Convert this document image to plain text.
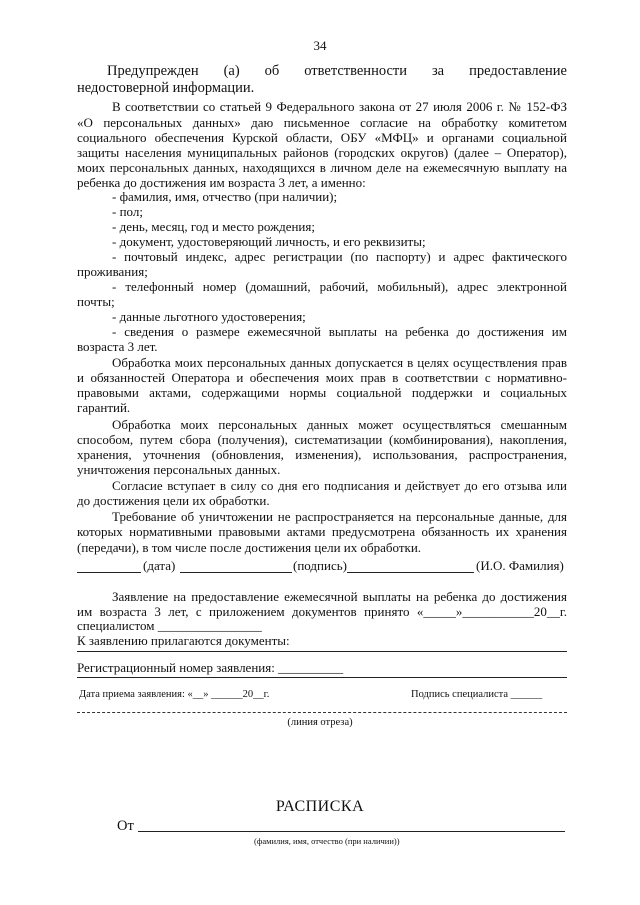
34
Предупрежден (а) об ответственности за предоставление
недостоверной информации.
В соответствии со статьей 9 Федерального закона от 27 июля 2006 г. № 152-ФЗ
«О персональных данных» даю письменное согласие на обработку комитетом
социального обеспечения Курской области, ОБУ «МФЦ» и органами социальной
защиты населения муниципальных районов (городских округов) (далее – Оператор),
моих персональных данных, находящихся в личном деле на ежемесячную выплату на
ребенка до достижения им возраста 3 лет, а именно:
- фамилия, имя, отчество (при наличии);
- пол;
- день, месяц, год и место рождения;
- документ, удостоверяющий личность, и его реквизиты;
- почтовый индекс, адрес регистрации (по паспорту) и адрес фактического
проживания;
- телефонный номер (домашний, рабочий, мобильный), адрес электронной
почты;
- данные льготного удостоверения;
- сведения о размере ежемесячной выплаты на ребенка до достижения им
возраста 3 лет.
Обработка моих персональных данных допускается в целях осуществления прав
и обязанностей Оператора и обеспечения моих прав в соответствии с нормативно-
правовыми актами, содержащими нормы социальной поддержки и социальных
гарантий.
Обработка моих персональных данных может осуществляться смешанным
способом, путем сбора (получения), систематизации (комбинирования), накопления,
хранения, уточнения (обновления, изменения), использования, распространения,
уничтожения персональных данных.
Согласие вступает в силу со дня его подписания и действует до его отзыва или
до достижения цели их обработки.
Требование об уничтожении не распространяется на персональные данные, для
которых нормативными правовыми актами предусмотрена обязанность их хранения
(передачи), в том числе после достижения цели их обработки.
(дата)	(подпись)	(И.О. Фамилия)
Заявление на предоставление ежемесячной выплаты на ребенка до достижения
им возраста 3 лет, с приложением документов принято «_____»___________20__г.
специалистом ________________
К заявлению прилагаются документы:
Регистрационный номер заявления: __________
Дата приема заявления: «__» ______20__г.	Подпись специалиста ______
(линия отреза)
РАСПИСКА
От
(фамилия, имя, отчество (при наличии))
